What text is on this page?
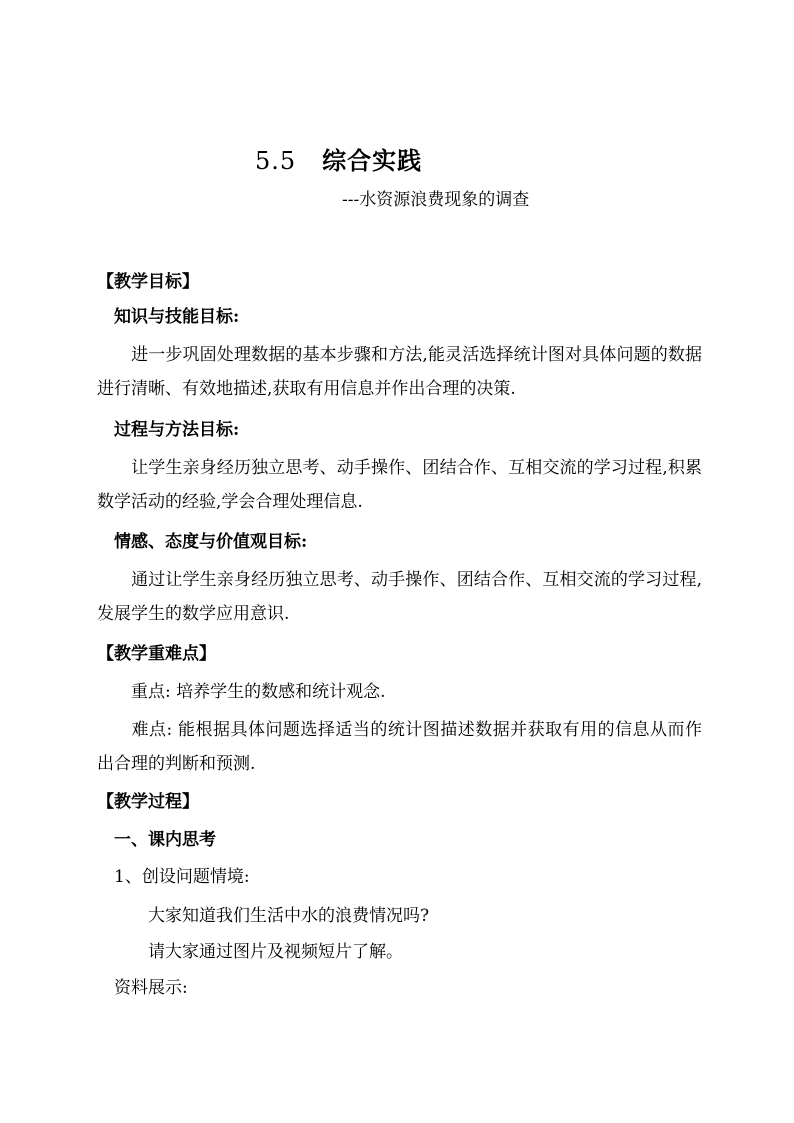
5.5 综合实践
---水资源浪费现象的调查
【教学目标】
知识与技能目标:
进一步巩固处理数据的基本步骤和方法,能灵活选择统计图对具体问题的数据进行清晰、有效地描述,获取有用信息并作出合理的决策.
过程与方法目标:
让学生亲身经历独立思考、动手操作、团结合作、互相交流的学习过程,积累数学活动的经验,学会合理处理信息.
情感、态度与价值观目标:
通过让学生亲身经历独立思考、动手操作、团结合作、互相交流的学习过程,发展学生的数学应用意识.
【教学重难点】
重点: 培养学生的数感和统计观念.
难点: 能根据具体问题选择适当的统计图描述数据并获取有用的信息从而作出合理的判断和预测.
【教学过程】
一、课内思考
1、创设问题情境:
大家知道我们生活中水的浪费情况吗?
请大家通过图片及视频短片了解。
资料展示:
